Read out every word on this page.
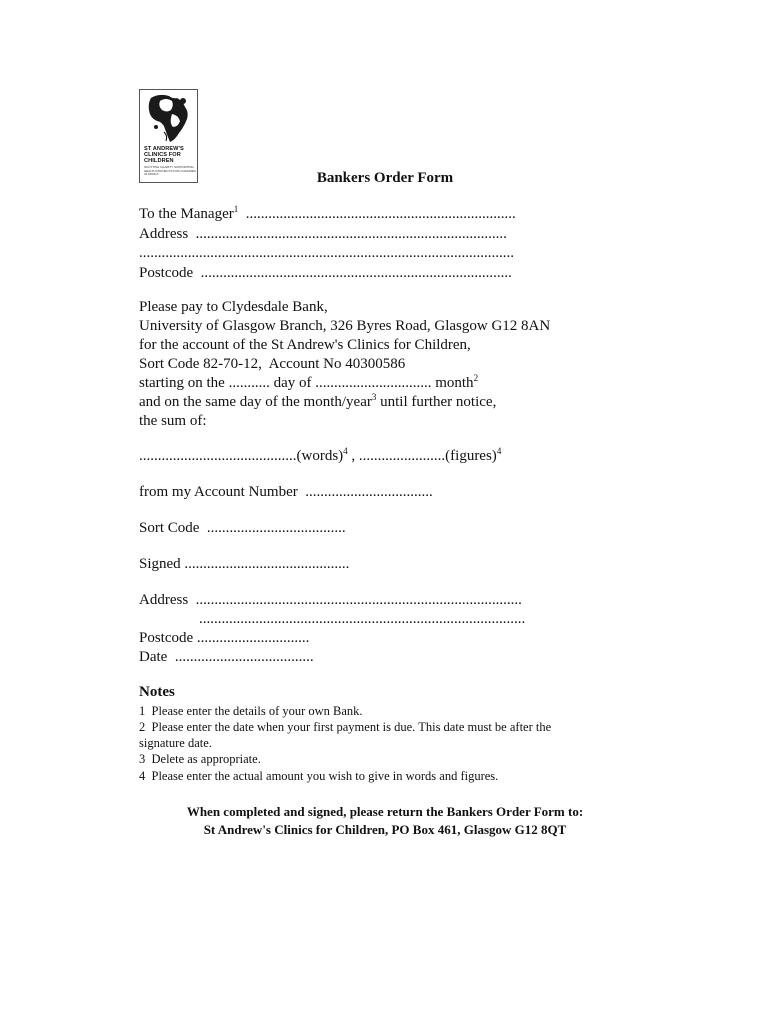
ST ANDREW'S
CLINICS FOR
CHILDREN
SCOTTISH CHARITY SUPPORTING HEALTH PROJECTS FOR CHILDREN IN AFRICA	Bankers Order Form
To the Manager$^1$ ........................................................................
Address ...................................................................................
....................................................................................................
Postcode ...................................................................................
Please pay to Clydesdale Bank,
University of Glasgow Branch, 326 Byres Road, Glasgow G12 8AN
for the account of the St Andrew's Clinics for Children,
Sort Code 82-70-12,  Account No 40300586
starting on the ........... day of ............................... month$^2$
and on the same day of the month/year$^3$ until further notice,
the sum of:
..........................................(words)$^4$ , .......................(figures)$^4$
from my Account Number  ..................................
Sort Code  .....................................
Signed ............................................
Address .......................................................................................
.......................................................................................
Postcode ..............................
Date  .....................................
Notes
1  Please enter the details of your own Bank.
2  Please enter the date when your first payment is due. This date must be after the
signature date.
3  Delete as appropriate.
4  Please enter the actual amount you wish to give in words and figures.
When completed and signed, please return the Bankers Order Form to:
St Andrew's Clinics for Children, PO Box 461, Glasgow G12 8QT
